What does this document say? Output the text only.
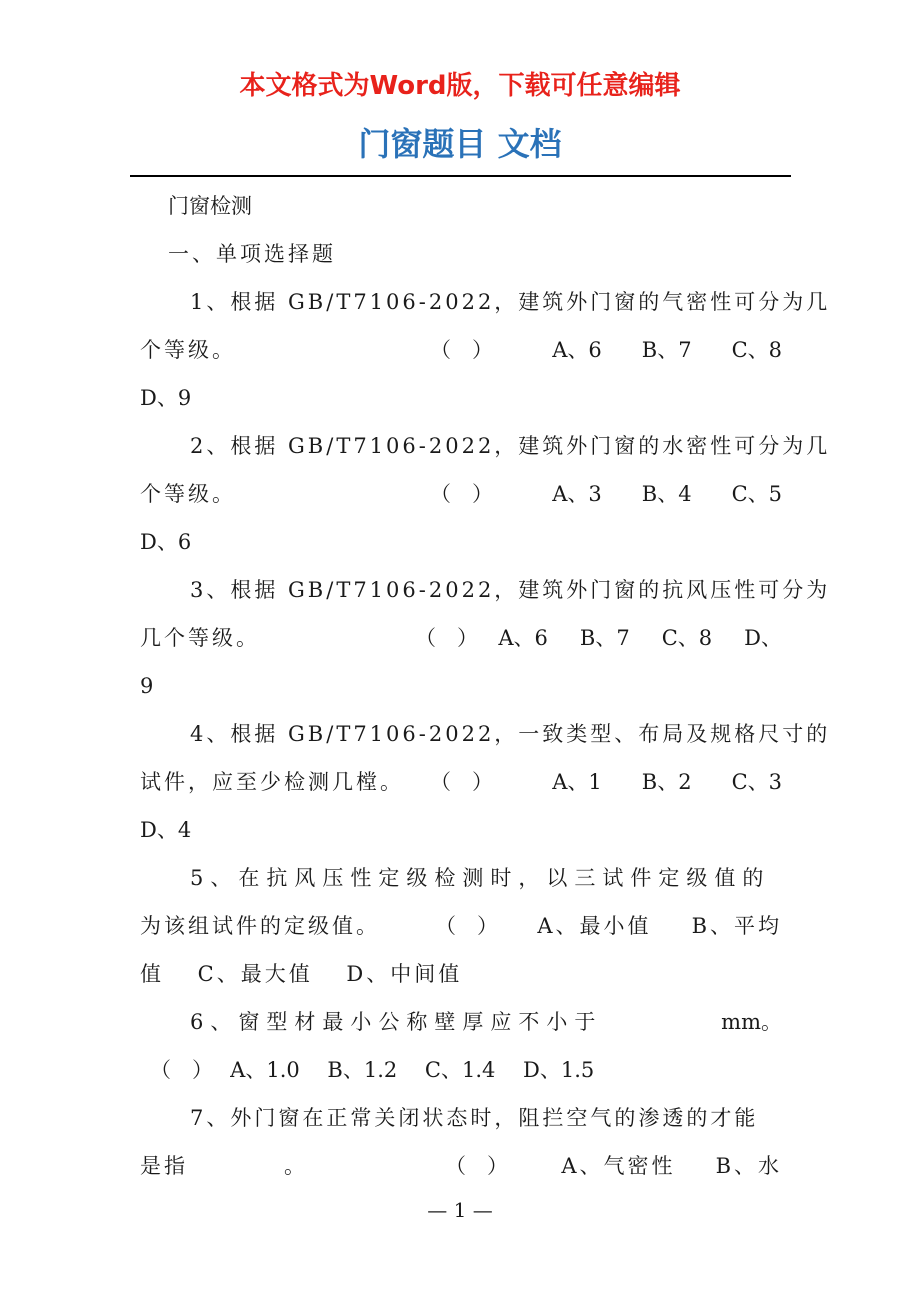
本文格式为Word版，下载可任意编辑
门窗题目 文档
门窗检测
一、单项选择题
1、根据 GB/T7106-2022，建筑外门窗的气密性可分为几
个等级。	（　）	A、6 B、7 C、8
D、9
2、根据 GB/T7106-2022，建筑外门窗的水密性可分为几
个等级。	（　）	A、3 B、4 C、5
D、6
3、根据 GB/T7106-2022，建筑外门窗的抗风压性可分为
几个等级。	（　） A、6 B、7 C、8 D、
9
4、根据 GB/T7106-2022，一致类型、布局及规格尺寸的
试件，应至少检测几樘。 （　）	A、1 B、2 C、3
D、4
5、在抗风压性定级检测时，以三试件定级值的
为该组试件的定级值。	（　） A、最小值 B、平均
值　 C、最大值　 D、中间值
6、窗型材最小公称壁厚应不小于	mm。
（　）　 A、1.0　 B、1.2　 C、1.4　 D、1.5
7、外门窗在正常关闭状态时，阻拦空气的渗透的才能
是指　　　　。	（　）	A、气密性 B、水
— 1 —
